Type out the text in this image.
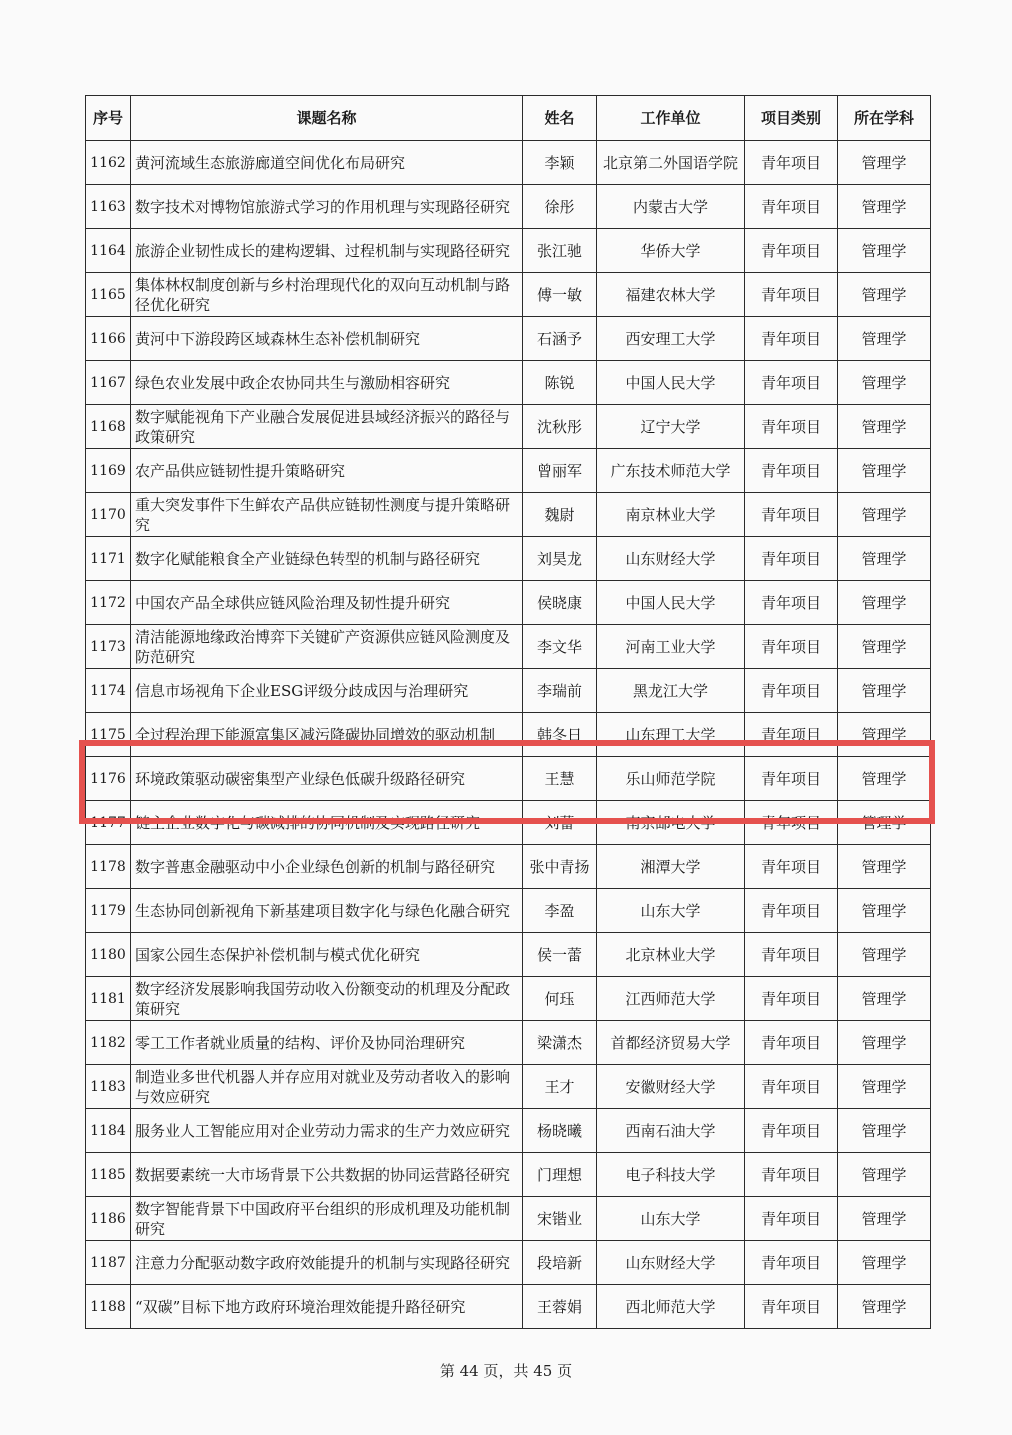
序号	课题名称	姓名	工作单位	项目类别	所在学科
1162	黄河流域生态旅游廊道空间优化布局研究	李颖	北京第二外国语学院	青年项目	管理学
1163	数字技术对博物馆旅游式学习的作用机理与实现路径研究	徐彤	内蒙古大学	青年项目	管理学
1164	旅游企业韧性成长的建构逻辑、过程机制与实现路径研究	张江驰	华侨大学	青年项目	管理学
1165	集体林权制度创新与乡村治理现代化的双向互动机制与路径优化研究	傅一敏	福建农林大学	青年项目	管理学
1166	黄河中下游段跨区域森林生态补偿机制研究	石涵予	西安理工大学	青年项目	管理学
1167	绿色农业发展中政企农协同共生与激励相容研究	陈锐	中国人民大学	青年项目	管理学
1168	数字赋能视角下产业融合发展促进县域经济振兴的路径与政策研究	沈秋彤	辽宁大学	青年项目	管理学
1169	农产品供应链韧性提升策略研究	曾丽军	广东技术师范大学	青年项目	管理学
1170	重大突发事件下生鲜农产品供应链韧性测度与提升策略研究	魏尉	南京林业大学	青年项目	管理学
1171	数字化赋能粮食全产业链绿色转型的机制与路径研究	刘昊龙	山东财经大学	青年项目	管理学
1172	中国农产品全球供应链风险治理及韧性提升研究	侯晓康	中国人民大学	青年项目	管理学
1173	清洁能源地缘政治博弈下关键矿产资源供应链风险测度及防范研究	李文华	河南工业大学	青年项目	管理学
1174	信息市场视角下企业ESG评级分歧成因与治理研究	李瑞前	黑龙江大学	青年项目	管理学
1175	全过程治理下能源富集区减污降碳协同增效的驱动机制	韩冬日	山东理工大学	青年项目	管理学
1176	环境政策驱动碳密集型产业绿色低碳升级路径研究	王慧	乐山师范学院	青年项目	管理学
1177	链主企业数字化与碳减排的协同机制及实现路径研究	刘蕾	南京邮电大学	青年项目	管理学
1178	数字普惠金融驱动中小企业绿色创新的机制与路径研究	张中青扬	湘潭大学	青年项目	管理学
1179	生态协同创新视角下新基建项目数字化与绿色化融合研究	李盈	山东大学	青年项目	管理学
1180	国家公园生态保护补偿机制与模式优化研究	侯一蕾	北京林业大学	青年项目	管理学
1181	数字经济发展影响我国劳动收入份额变动的机理及分配政策研究	何珏	江西师范大学	青年项目	管理学
1182	零工工作者就业质量的结构、评价及协同治理研究	梁潇杰	首都经济贸易大学	青年项目	管理学
1183	制造业多世代机器人并存应用对就业及劳动者收入的影响与效应研究	王才	安徽财经大学	青年项目	管理学
1184	服务业人工智能应用对企业劳动力需求的生产力效应研究	杨晓曦	西南石油大学	青年项目	管理学
1185	数据要素统一大市场背景下公共数据的协同运营路径研究	门理想	电子科技大学	青年项目	管理学
1186	数字智能背景下中国政府平台组织的形成机理及功能机制研究	宋锴业	山东大学	青年项目	管理学
1187	注意力分配驱动数字政府效能提升的机制与实现路径研究	段培新	山东财经大学	青年项目	管理学
1188	“双碳”目标下地方政府环境治理效能提升路径研究	王蓉娟	西北师范大学	青年项目	管理学
第 44 页，共 45 页
